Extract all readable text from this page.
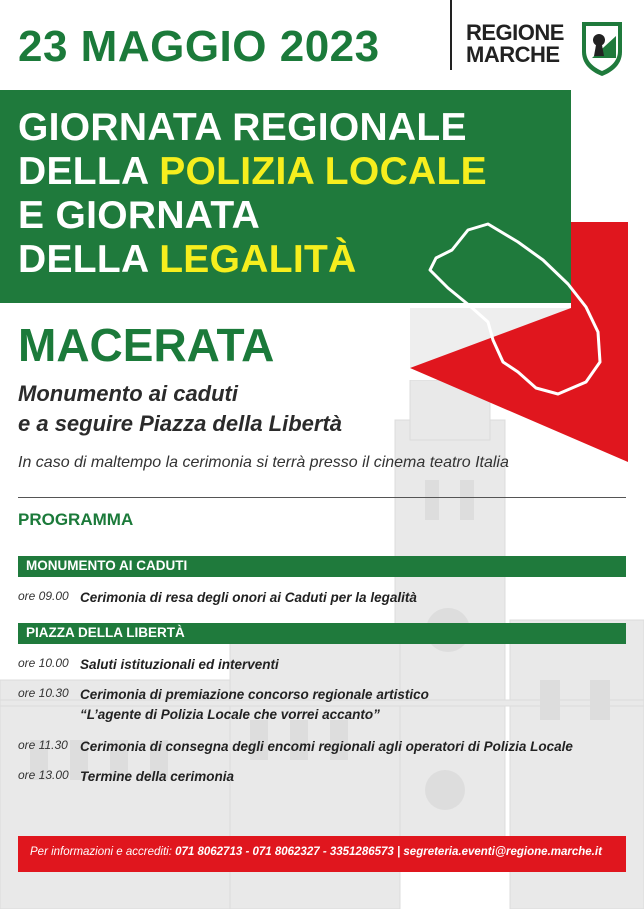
23 MAGGIO 2023	REGIONE
MARCHE
GIORNATA REGIONALE
DELLA POLIZIA LOCALE
E GIORNATA
DELLA LEGALITÀ
MACERATA
Monumento ai caduti
e a seguire Piazza della Libertà
In caso di maltempo la cerimonia si terrà presso il cinema teatro Italia
PROGRAMMA
MONUMENTO AI CADUTI
ore 09.00 Cerimonia di resa degli onori ai Caduti per la legalità
PIAZZA DELLA LIBERTÀ
ore 10.00 Saluti istituzionali ed interventi
ore 10.30 Cerimonia di premiazione concorso regionale artistico
“L’agente di Polizia Locale che vorrei accanto”
ore 11.30 Cerimonia di consegna degli encomi regionali agli operatori di Polizia Locale
ore 13.00 Termine della cerimonia
Per informazioni e accrediti: 071 8062713 - 071 8062327 - 3351286573 | segreteria.eventi@regione.marche.it
